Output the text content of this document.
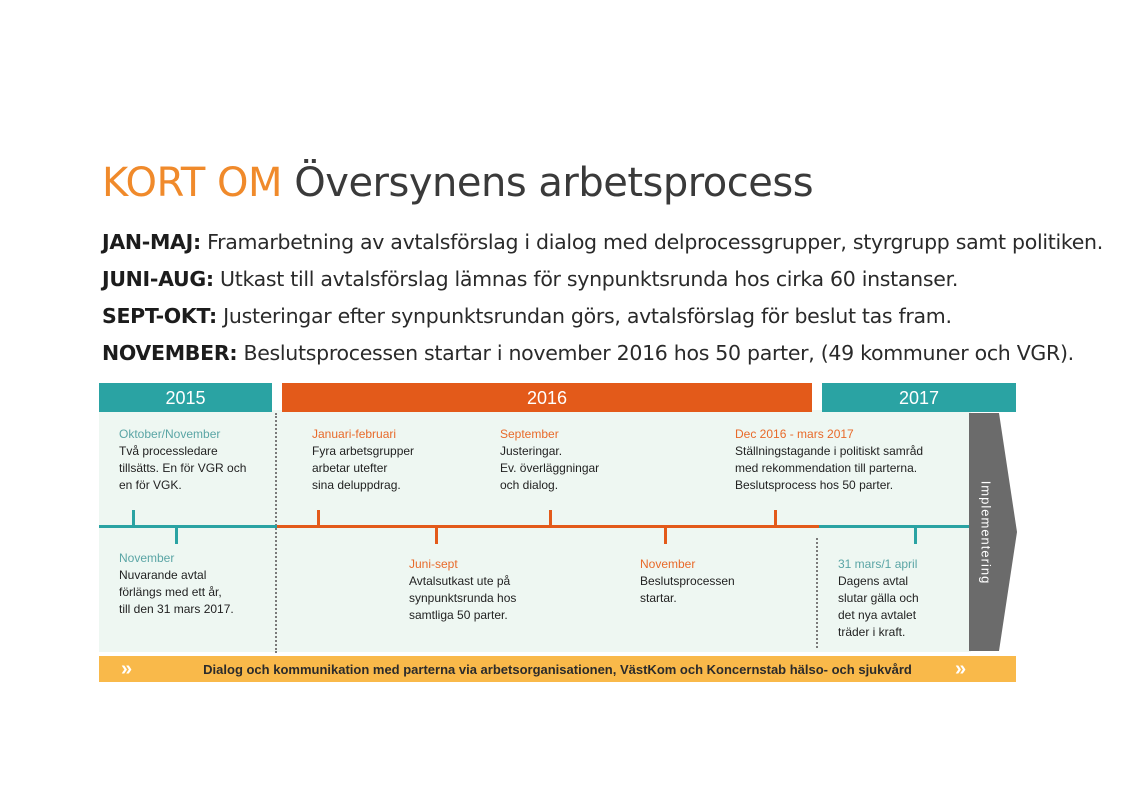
KORT OM Översynens arbetsprocess
JAN-MAJ: Framarbetning av avtalsförslag i dialog med delprocessgrupper, styrgrupp samt politiken.
JUNI-AUG: Utkast till avtalsförslag lämnas för synpunktsrunda hos cirka 60 instanser.
SEPT-OKT: Justeringar efter synpunktsrundan görs, avtalsförslag för beslut tas fram.
NOVEMBER: Beslutsprocessen startar i november 2016 hos 50 parter, (49 kommuner och VGR).
2015	2016	2017
Implementering
Oktober/November
Två processledare
tillsätts. En för VGR och
en för VGK.
Januari-februari
Fyra arbetsgrupper
arbetar utefter
sina deluppdrag.
September
Justeringar.
Ev. överläggningar
och dialog.
Dec 2016 - mars 2017
Ställningstagande i politiskt samråd
med rekommendation till parterna.
Beslutsprocess hos 50 parter.
November
Nuvarande avtal
förlängs med ett år,
till den 31 mars 2017.
Juni-sept
Avtalsutkast ute på
synpunktsrunda hos
samtliga 50 parter.
November
Beslutsprocessen
startar.
31 mars/1 april
Dagens avtal
slutar gälla och
det nya avtalet
träder i kraft.
»	Dialog och kommunikation med parterna via arbetsorganisationen, VästKom och Koncernstab hälso- och sjukvård »
